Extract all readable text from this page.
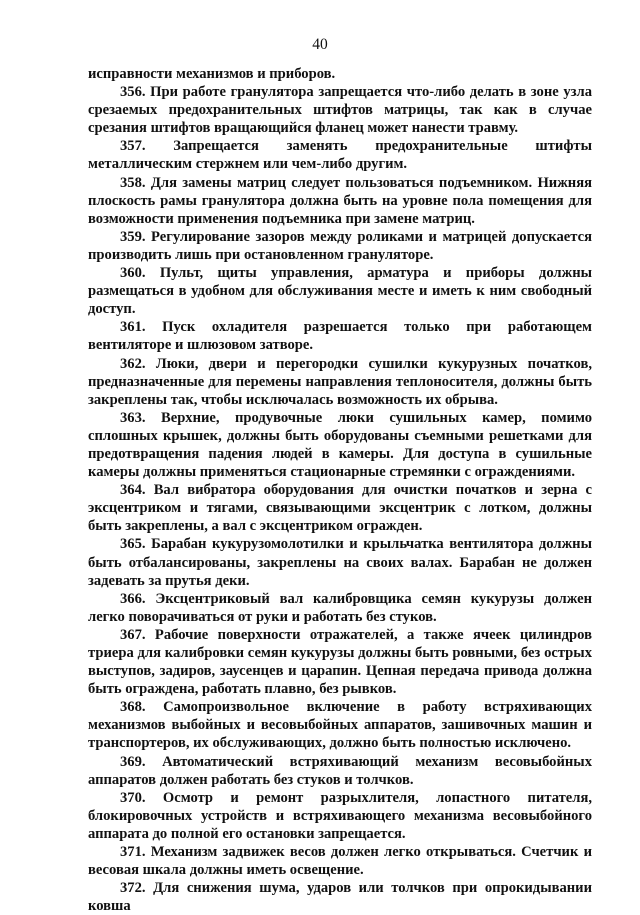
40

исправности механизмов и приборов.

356. При работе гранулятора запрещается что-либо делать в зоне узла срезаемых предохранительных штифтов матрицы, так как в случае срезания штифтов вращающийся фланец может нанести травму.

357. Запрещается заменять предохранительные штифты металлическим стержнем или чем-либо другим.

358. Для замены матриц следует пользоваться подъемником. Нижняя плоскость рамы гранулятора должна быть на уровне пола помещения для возможности применения подъемника при замене матриц.

359. Регулирование зазоров между роликами и матрицей допускается производить лишь при остановленном грануляторе.

360. Пульт, щиты управления, арматура и приборы должны размещаться в удобном для обслуживания месте и иметь к ним свободный доступ.

361. Пуск охладителя разрешается только при работающем вентиляторе и шлюзовом затворе.

362. Люки, двери и перегородки сушилки кукурузных початков, предназначенные для перемены направления теплоносителя, должны быть закреплены так, чтобы исключалась возможность их обрыва.

363. Верхние, продувочные люки сушильных камер, помимо сплошных крышек, должны быть оборудованы съемными решетками для предотвращения падения людей в камеры. Для доступа в сушильные камеры должны применяться стационарные стремянки с ограждениями.

364. Вал вибратора оборудования для очистки початков и зерна с эксцентриком и тягами, связывающими эксцентрик с лотком, должны быть закреплены, а вал с эксцентриком огражден.

365. Барабан кукурузомолотилки и крыльчатка вентилятора должны быть отбалансированы, закреплены на своих валах. Барабан не должен задевать за прутья деки.

366. Эксцентриковый вал калибровщика семян кукурузы должен легко поворачиваться от руки и работать без стуков.

367. Рабочие поверхности отражателей, а также ячеек цилиндров триера для калибровки семян кукурузы должны быть ровными, без острых выступов, задиров, заусенцев и царапин. Цепная передача привода должна быть ограждена, работать плавно, без рывков.

368. Самопроизвольное включение в работу встряхивающих механизмов выбойных и весовыбойных аппаратов, зашивочных машин и транспортеров, их обслуживающих, должно быть полностью исключено.

369. Автоматический встряхивающий механизм весовыбойных аппаратов должен работать без стуков и толчков.

370. Осмотр и ремонт разрыхлителя, лопастного питателя, блокировочных устройств и встряхивающего механизма весовыбойного аппарата до полной его остановки запрещается.

371. Механизм задвижек весов должен легко открываться. Счетчик и весовая шкала должны иметь освещение.

372. Для снижения шума, ударов или толчков при опрокидывании ковша
